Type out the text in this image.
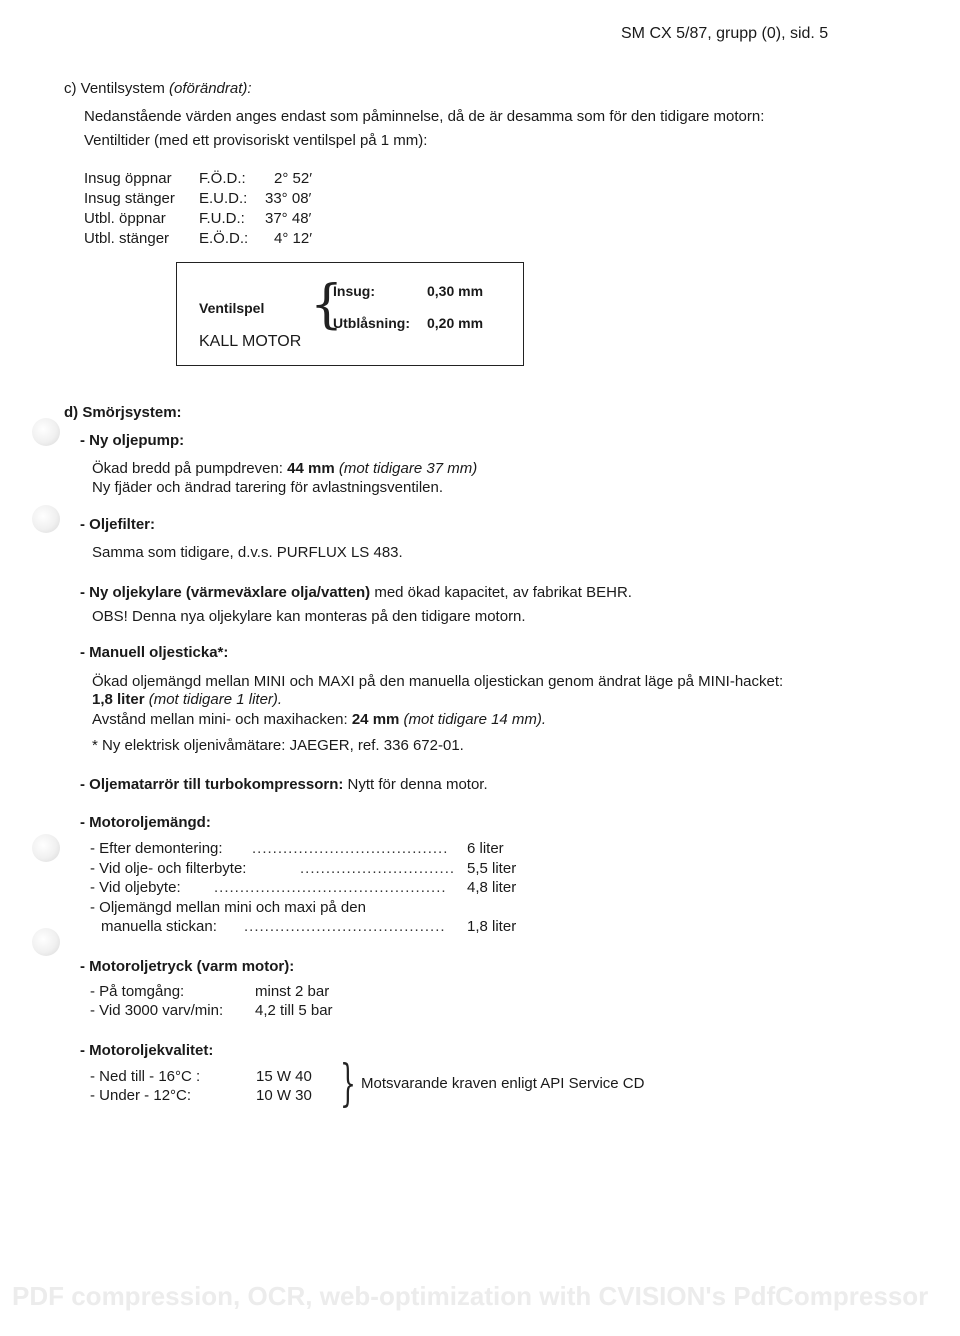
SM CX 5/87, grupp (0), sid. 5
c) Ventilsystem (oförändrat):
Nedanstående värden anges endast som påminnelse, då de är desamma som för den tidigare motorn:
Ventiltider (med ett provisoriskt ventilspel på 1 mm):
Insug öppnar F.Ö.D.: 2° 52′
Insug stänger E.U.D.: 33° 08′
Utbl. öppnar F.U.D.: 37° 48′
Utbl. stänger E.Ö.D.: 4° 12′
Ventilspel
KALL MOTOR
{
Insug:	0,30 mm
Utblåsning: 0,20 mm
d) Smörjsystem:
- Ny oljepump:
Ökad bredd på pumpdreven: 44 mm (mot tidigare 37 mm)
Ny fjäder och ändrad tarering för avlastningsventilen.
- Oljefilter:
Samma som tidigare, d.v.s. PURFLUX LS 483.
- Ny oljekylare (värmeväxlare olja/vatten) med ökad kapacitet, av fabrikat BEHR.
OBS! Denna nya oljekylare kan monteras på den tidigare motorn.
- Manuell oljesticka*:
Ökad oljemängd mellan MINI och MAXI på den manuella oljestickan genom ändrat läge på MINI-hacket:
1,8 liter (mot tidigare 1 liter).
Avstånd mellan mini- och maxihacken: 24 mm (mot tidigare 14 mm).
* Ny elektrisk oljenivåmätare: JAEGER, ref. 336 672-01.
- Oljematarrör till turbokompressorn: Nytt för denna motor.
- Motoroljemängd:
- Efter demontering: ...................................... 6 liter
- Vid olje- och filterbyte:	.............................. 5,5 liter
- Vid oljebyte: ............................................. 4,8 liter
- Oljemängd mellan mini och maxi på den
manuella stickan: ....................................... 1,8 liter
- Motoroljetryck (varm motor):
- På tomgång:	minst 2 bar
- Vid 3000 varv/min: 4,2 till 5 bar
- Motoroljekvalitet:
- Ned till - 16°C :	15 W 40
- Under - 12°C:	10 W 30 } Motsvarande kraven enligt API Service CD
PDF compression, OCR, web-optimization with CVISION's PdfCompressor
